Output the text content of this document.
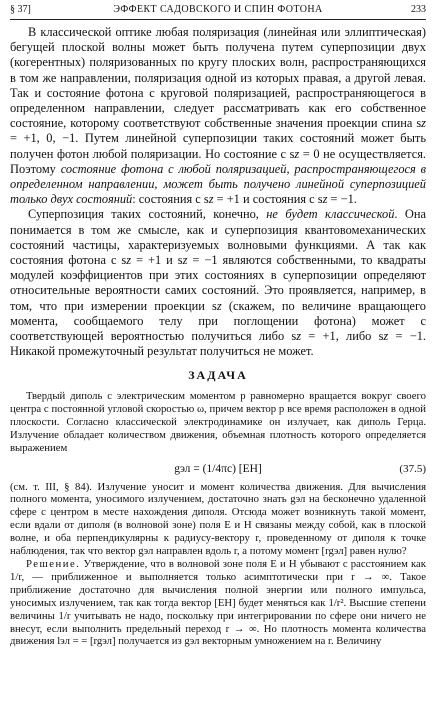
§ 37]	ЭФФЕКТ САДОВСКОГО И СПИН ФОТОНА	233

В классической оптике любая поляризация (линейная или эллиптическая) бегущей плоской волны может быть получена путем суперпозиции двух (когерентных) поляризованных по кругу плоских волн, распространяющихся в том же направлении, поляризация одной из которых правая, а другой левая. Так и состояние фотона с круговой поляризацией, распространяющегося в определенном направлении, следует рассматривать как его собственное состояние, которому соответствуют собственные значения проекции спина sz = +1, 0, −1. Путем линейной суперпозиции таких состояний может быть получен фотон любой поляризации. Но состояние с sz = 0 не осуществляется. Поэтому состояние фотона с любой поляризацией, распространяющегося в определенном направлении, может быть получено линейной суперпозицией только двух состояний: состояния с sz = +1 и состояния с sz = −1.

Суперпозиция таких состояний, конечно, не будет классической. Она понимается в том же смысле, как и суперпозиция квантовомеханических состояний частицы, характеризуемых волновыми функциями. А так как состояния фотона с sz = +1 и sz = −1 являются собственными, то квадраты модулей коэффициентов при этих состояниях в суперпозиции определяют относительные вероятности самих состояний. Это проявляется, например, в том, что при измерении проекции sz (скажем, по величине вращающего момента, сообщаемого телу при поглощении фотона) может с соответствующей вероятностью получиться либо sz = +1, либо sz = −1. Никакой промежуточный результат получиться не может.

ЗАДАЧА

Твердый диполь с электрическим моментом p равномерно вращается вокруг своего центра с постоянной угловой скоростью ω, причем вектор p все время расположен в одной плоскости. Согласно классической электродинамике он излучает, как диполь Герца. Излучение обладает количеством движения, объемная плотность которого определяется выражением

gэл = (1/4πc) [EH]	(37.5)

(см. т. III, § 84). Излучение уносит и момент количества движения. Для вычисления полного момента, уносимого излучением, достаточно знать gэл на бесконечно удаленной сфере с центром в месте нахождения диполя. Отсюда может возникнуть такой момент, если вдали от диполя (в волновой зоне) поля E и H связаны между собой, как в плоской волне, и оба перпендикулярны к радиусу-вектору r, проведенному от диполя к точке наблюдения, так что вектор gэл направлен вдоль r, а потому момент [rgэл] равен нулю?

Решение. Утверждение, что в волновой зоне поля E и H убывают с расстоянием как 1/r, — приближенное и выполняется только асимптотически при r → ∞. Такое приближение достаточно для вычисления полной энергии или полного импульса, уносимых излучением, так как тогда вектор [EH] будет меняться как 1/r². Высшие степени величины 1/r учитывать не надо, поскольку при интегрировании по сфере они ничего не внесут, если выполнить предельный переход r → ∞. Но плотность момента количества движения lэл = = [rgэл] получается из gэл векторным умножением на r. Величину
